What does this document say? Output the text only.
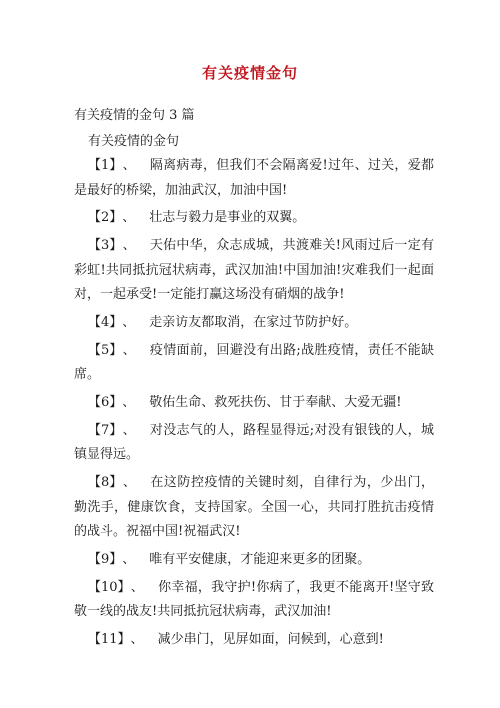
有关疫情金句
有关疫情的金句 3 篇
有关疫情的金句
【1】、 隔离病毒，但我们不会隔离爱!过年、过关，爱都是最好的桥梁，加油武汉，加油中国!
【2】、 壮志与毅力是事业的双翼。
【3】、 天佑中华，众志成城，共渡难关!风雨过后一定有彩虹!共同抵抗冠状病毒，武汉加油!中国加油!灾难我们一起面对，一起承受!一定能打赢这场没有硝烟的战争!
【4】、 走亲访友都取消，在家过节防护好。
【5】、 疫情面前，回避没有出路;战胜疫情，责任不能缺席。
【6】、 敬佑生命、救死扶伤、甘于奉献、大爱无疆!
【7】、 对没志气的人，路程显得远;对没有银钱的人，城镇显得远。
【8】、 在这防控疫情的关键时刻，自律行为，少出门，勤洗手，健康饮食，支持国家。全国一心，共同打胜抗击疫情的战斗。祝福中国!祝福武汉!
【9】、 唯有平安健康，才能迎来更多的团聚。
【10】、 你幸福，我守护!你病了，我更不能离开!坚守致敬一线的战友!共同抵抗冠状病毒，武汉加油!
【11】、 减少串门，见屏如面，问候到，心意到!
